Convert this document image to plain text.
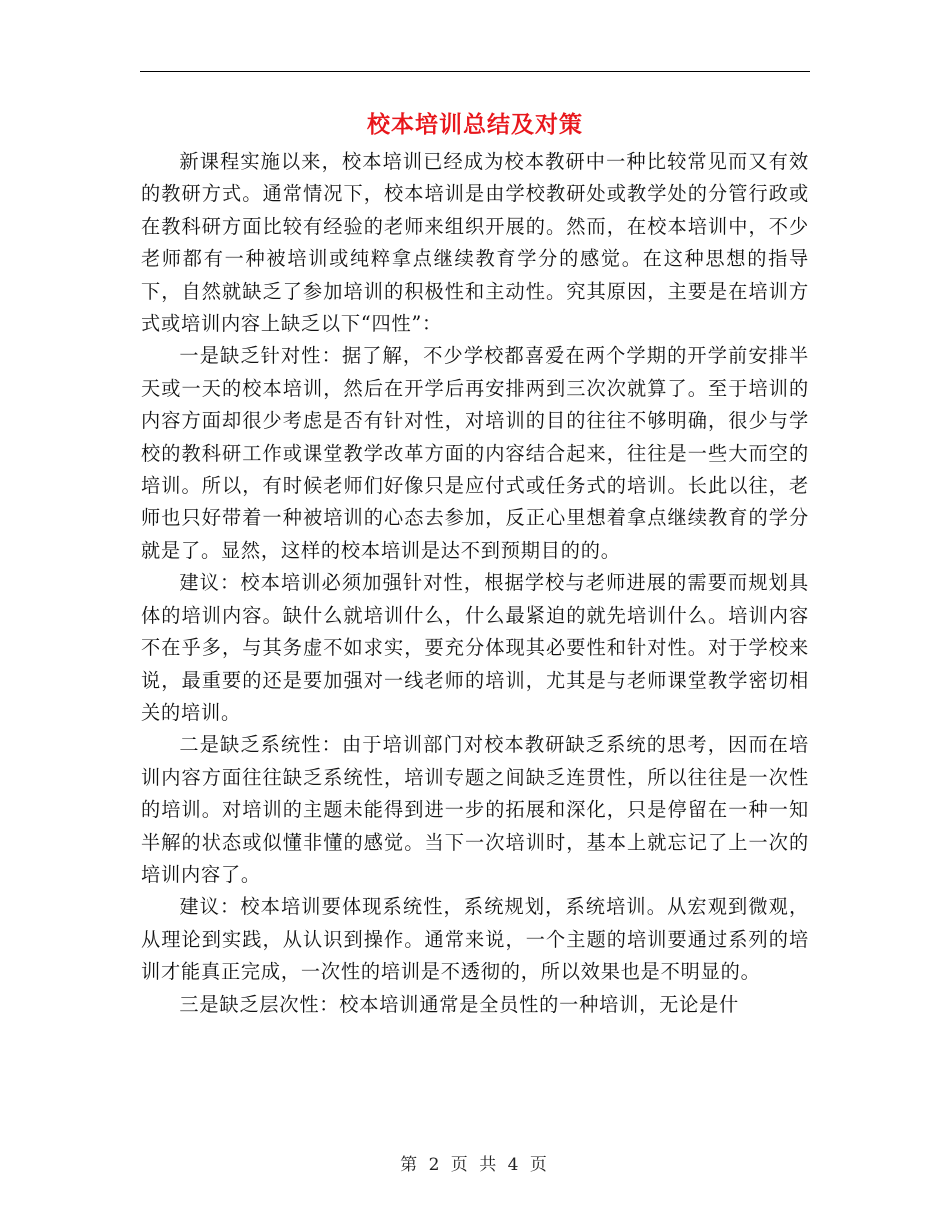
校本培训总结及对策

新课程实施以来，校本培训已经成为校本教研中一种比较常见而又有效的教研方式。通常情况下，校本培训是由学校教研处或教学处的分管行政或在教科研方面比较有经验的老师来组织开展的。然而，在校本培训中，不少老师都有一种被培训或纯粹拿点继续教育学分的感觉。在这种思想的指导下，自然就缺乏了参加培训的积极性和主动性。究其原因，主要是在培训方式或培训内容上缺乏以下“四性”：

一是缺乏针对性：据了解，不少学校都喜爱在两个学期的开学前安排半天或一天的校本培训，然后在开学后再安排两到三次次就算了。至于培训的内容方面却很少考虑是否有针对性，对培训的目的往往不够明确，很少与学校的教科研工作或课堂教学改革方面的内容结合起来，往往是一些大而空的培训。所以，有时候老师们好像只是应付式或任务式的培训。长此以往，老师也只好带着一种被培训的心态去参加，反正心里想着拿点继续教育的学分就是了。显然，这样的校本培训是达不到预期目的的。

建议：校本培训必须加强针对性，根据学校与老师进展的需要而规划具体的培训内容。缺什么就培训什么，什么最紧迫的就先培训什么。培训内容不在乎多，与其务虚不如求实，要充分体现其必要性和针对性。对于学校来说，最重要的还是要加强对一线老师的培训，尤其是与老师课堂教学密切相关的培训。

二是缺乏系统性：由于培训部门对校本教研缺乏系统的思考，因而在培训内容方面往往缺乏系统性，培训专题之间缺乏连贯性，所以往往是一次性的培训。对培训的主题未能得到进一步的拓展和深化，只是停留在一种一知半解的状态或似懂非懂的感觉。当下一次培训时，基本上就忘记了上一次的培训内容了。

建议：校本培训要体现系统性，系统规划，系统培训。从宏观到微观，从理论到实践，从认识到操作。通常来说，一个主题的培训要通过系列的培训才能真正完成，一次性的培训是不透彻的，所以效果也是不明显的。

三是缺乏层次性：校本培训通常是全员性的一种培训，无论是什

第 2 页 共 4 页
